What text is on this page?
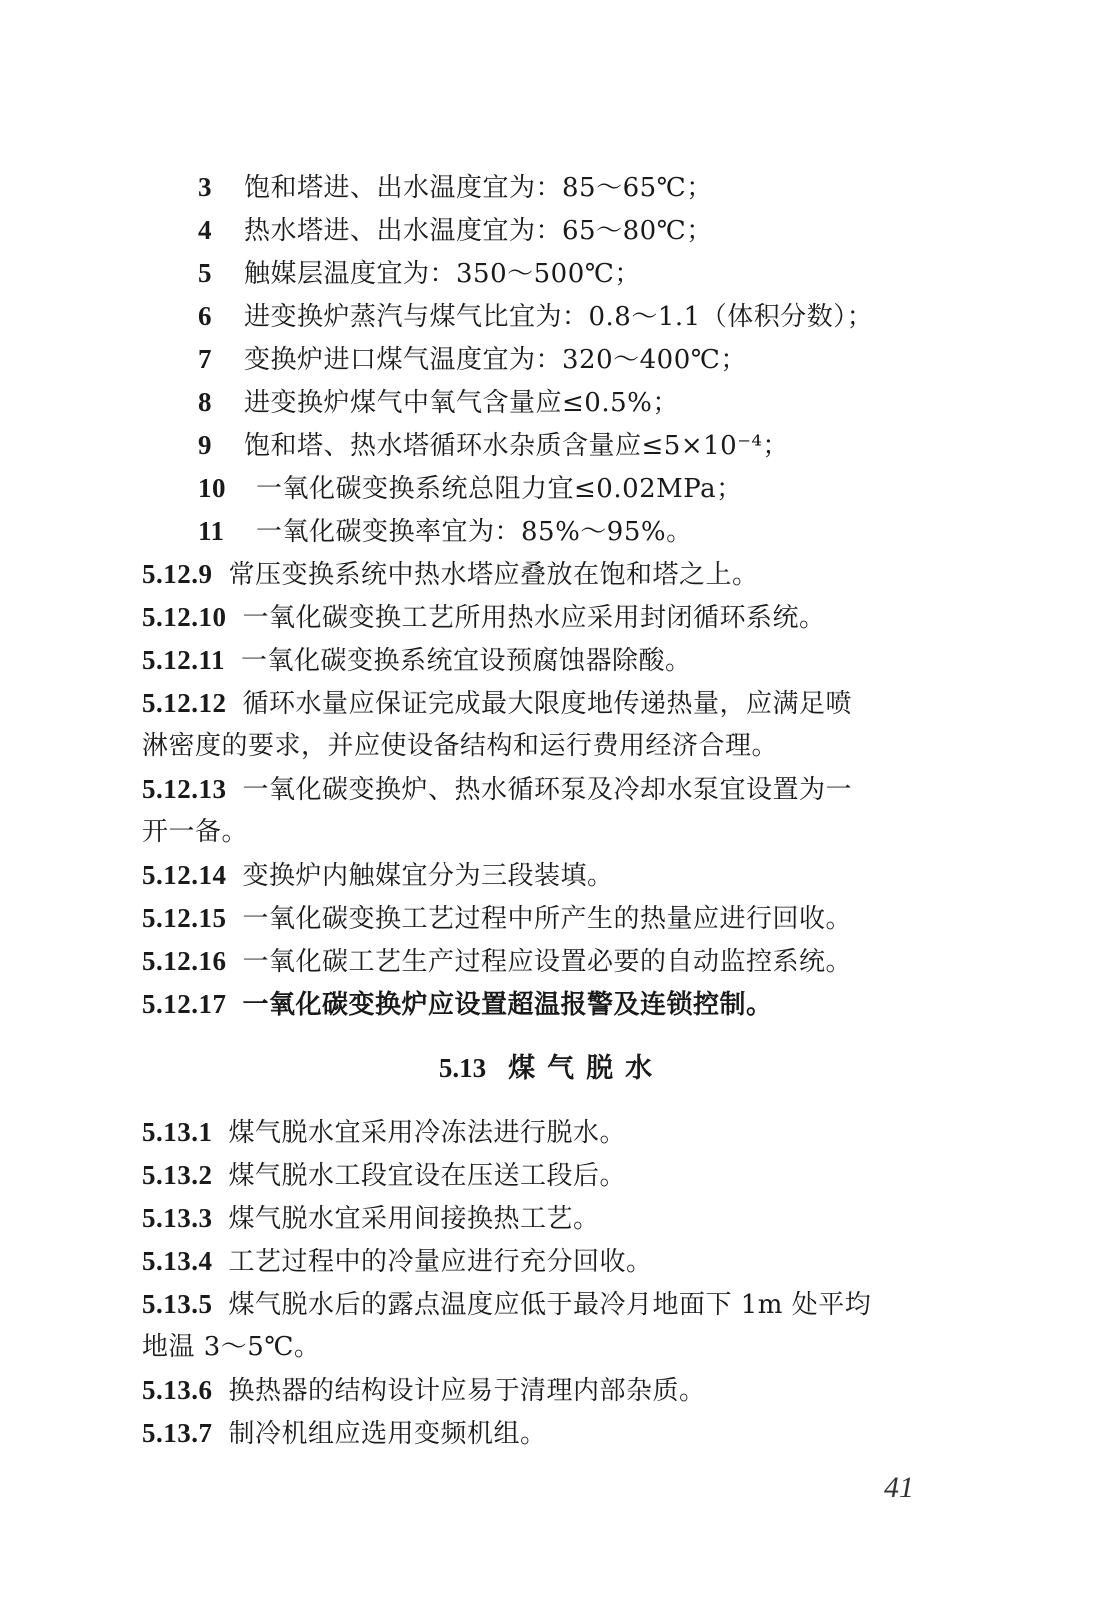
3 饱和塔进、出水温度宜为：85～65℃；
4 热水塔进、出水温度宜为：65～80℃；
5 触媒层温度宜为：350～500℃；
6 进变换炉蒸汽与煤气比宜为：0.8～1.1（体积分数）；
7 变换炉进口煤气温度宜为：320～400℃；
8 进变换炉煤气中氧气含量应≤0.5%；
9 饱和塔、热水塔循环水杂质含量应≤5×10⁻⁴；
10 一氧化碳变换系统总阻力宜≤0.02MPa；
11 一氧化碳变换率宜为：85%～95%。
5.12.9 常压变换系统中热水塔应叠放在饱和塔之上。
5.12.10 一氧化碳变换工艺所用热水应采用封闭循环系统。
5.12.11 一氧化碳变换系统宜设预腐蚀器除酸。
5.12.12 循环水量应保证完成最大限度地传递热量，应满足喷
淋密度的要求，并应使设备结构和运行费用经济合理。
5.12.13 一氧化碳变换炉、热水循环泵及冷却水泵宜设置为一
开一备。
5.12.14 变换炉内触媒宜分为三段装填。
5.12.15 一氧化碳变换工艺过程中所产生的热量应进行回收。
5.12.16 一氧化碳工艺生产过程应设置必要的自动监控系统。
5.12.17 一氧化碳变换炉应设置超温报警及连锁控制。
5.13 煤气脱水
5.13.1 煤气脱水宜采用冷冻法进行脱水。
5.13.2 煤气脱水工段宜设在压送工段后。
5.13.3 煤气脱水宜采用间接换热工艺。
5.13.4 工艺过程中的冷量应进行充分回收。
5.13.5 煤气脱水后的露点温度应低于最冷月地面下 1m 处平均
地温 3～5℃。
5.13.6 换热器的结构设计应易于清理内部杂质。
5.13.7 制冷机组应选用变频机组。
41
